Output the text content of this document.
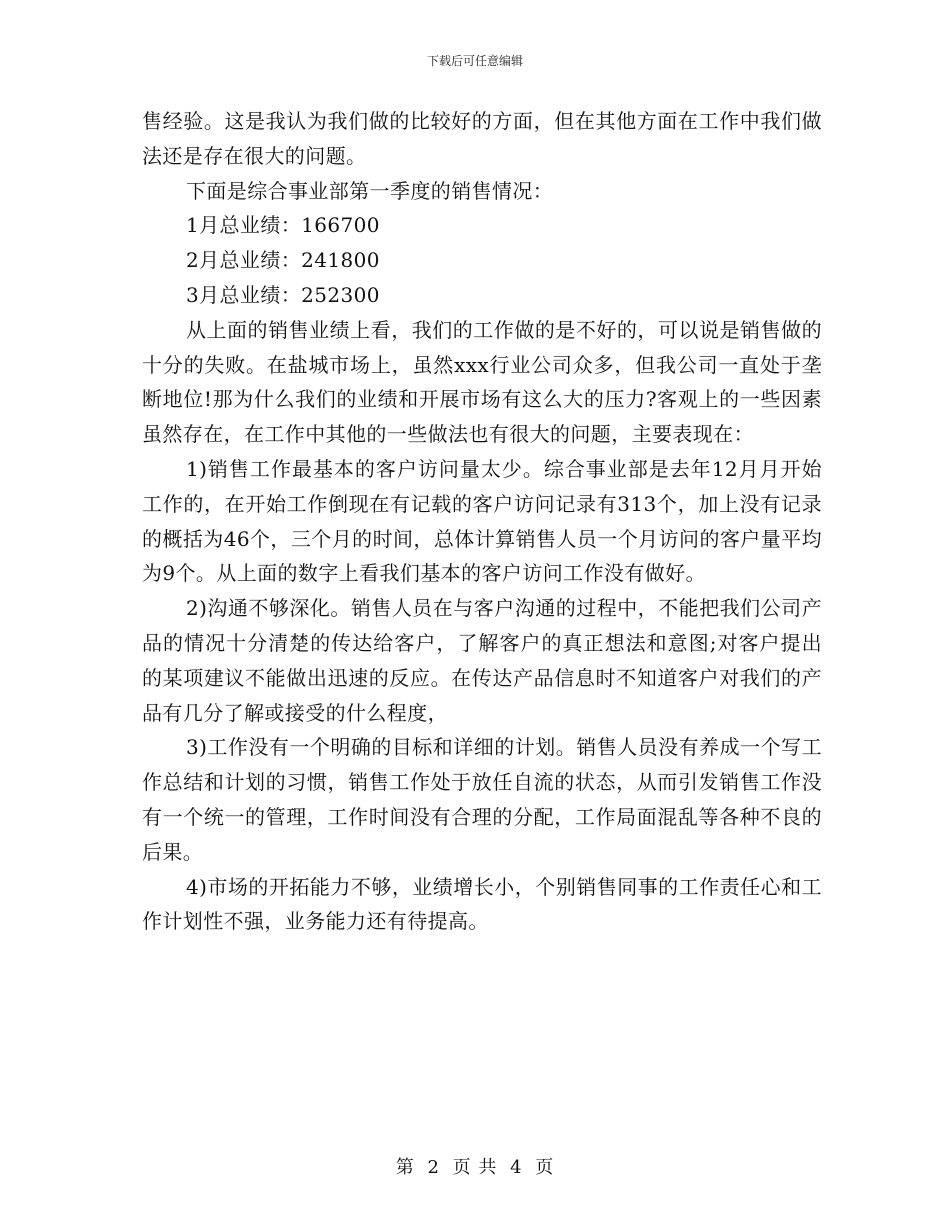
下载后可任意编辑

售经验。这是我认为我们做的比较好的方面，但在其他方面在工作中我们做法还是存在很大的问题。

下面是综合事业部第一季度的销售情况：

1月总业绩：166700

2月总业绩：241800

3月总业绩：252300

从上面的销售业绩上看，我们的工作做的是不好的，可以说是销售做的十分的失败。在盐城市场上，虽然xxx行业公司众多，但我公司一直处于垄断地位!那为什么我们的业绩和开展市场有这么大的压力?客观上的一些因素虽然存在，在工作中其他的一些做法也有很大的问题，主要表现在：

1)销售工作最基本的客户访问量太少。综合事业部是去年12月月开始工作的，在开始工作倒现在有记载的客户访问记录有313个，加上没有记录的概括为46个，三个月的时间，总体计算销售人员一个月访问的客户量平均为9个。从上面的数字上看我们基本的客户访问工作没有做好。

2)沟通不够深化。销售人员在与客户沟通的过程中，不能把我们公司产品的情况十分清楚的传达给客户，了解客户的真正想法和意图;对客户提出的某项建议不能做出迅速的反应。在传达产品信息时不知道客户对我们的产品有几分了解或接受的什么程度，

3)工作没有一个明确的目标和详细的计划。销售人员没有养成一个写工作总结和计划的习惯，销售工作处于放任自流的状态，从而引发销售工作没有一个统一的管理，工作时间没有合理的分配，工作局面混乱等各种不良的后果。

4)市场的开拓能力不够，业绩增长小，个别销售同事的工作责任心和工作计划性不强，业务能力还有待提高。

第 2 页 共 4 页
